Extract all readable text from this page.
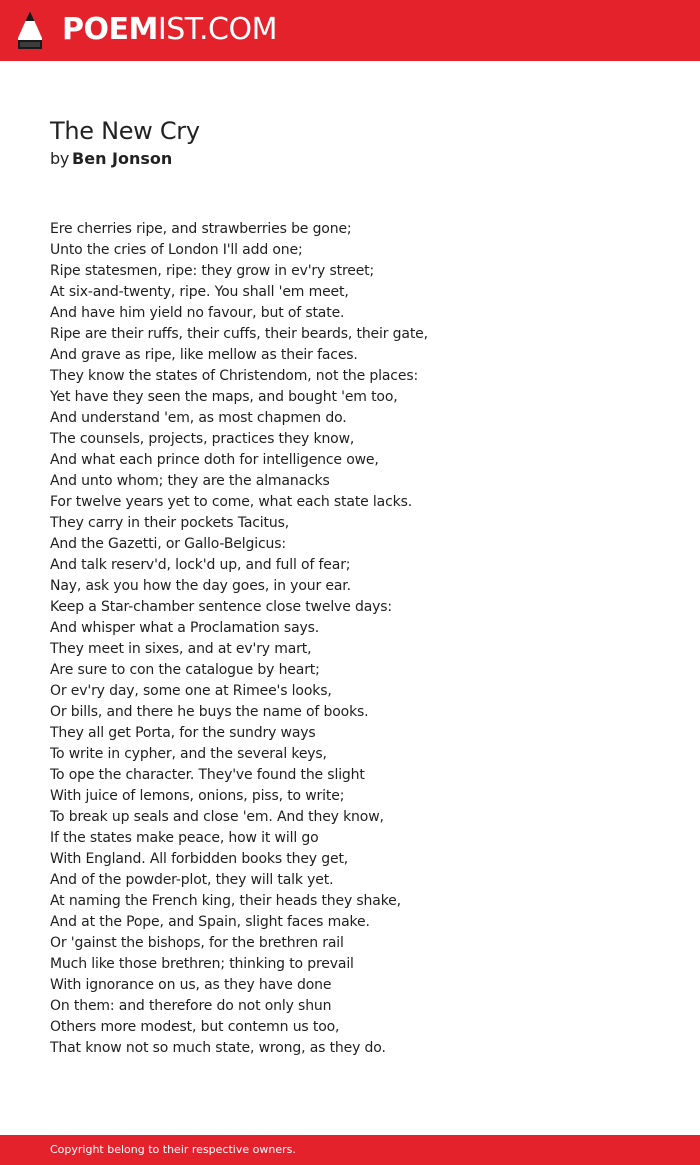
POEMIST.COM
The New Cry
by Ben Jonson
Ere cherries ripe, and strawberries be gone;
Unto the cries of London I'll add one;
Ripe statesmen, ripe: they grow in ev'ry street;
At six-and-twenty, ripe. You shall 'em meet,
And have him yield no favour, but of state.
Ripe are their ruffs, their cuffs, their beards, their gate,
And grave as ripe, like mellow as their faces.
They know the states of Christendom, not the places:
Yet have they seen the maps, and bought 'em too,
And understand 'em, as most chapmen do.
The counsels, projects, practices they know,
And what each prince doth for intelligence owe,
And unto whom; they are the almanacks
For twelve years yet to come, what each state lacks.
They carry in their pockets Tacitus,
And the Gazetti, or Gallo-Belgicus:
And talk reserv'd, lock'd up, and full of fear;
Nay, ask you how the day goes, in your ear.
Keep a Star-chamber sentence close twelve days:
And whisper what a Proclamation says.
They meet in sixes, and at ev'ry mart,
Are sure to con the catalogue by heart;
Or ev'ry day, some one at Rimee's looks,
Or bills, and there he buys the name of books.
They all get Porta, for the sundry ways
To write in cypher, and the several keys,
To ope the character. They've found the slight
With juice of lemons, onions, piss, to write;
To break up seals and close 'em. And they know,
If the states make peace, how it will go
With England. All forbidden books they get,
And of the powder-plot, they will talk yet.
At naming the French king, their heads they shake,
And at the Pope, and Spain, slight faces make.
Or 'gainst the bishops, for the brethren rail
Much like those brethren; thinking to prevail
With ignorance on us, as they have done
On them: and therefore do not only shun
Others more modest, but contemn us too,
That know not so much state, wrong, as they do.
Copyright belong to their respective owners.
